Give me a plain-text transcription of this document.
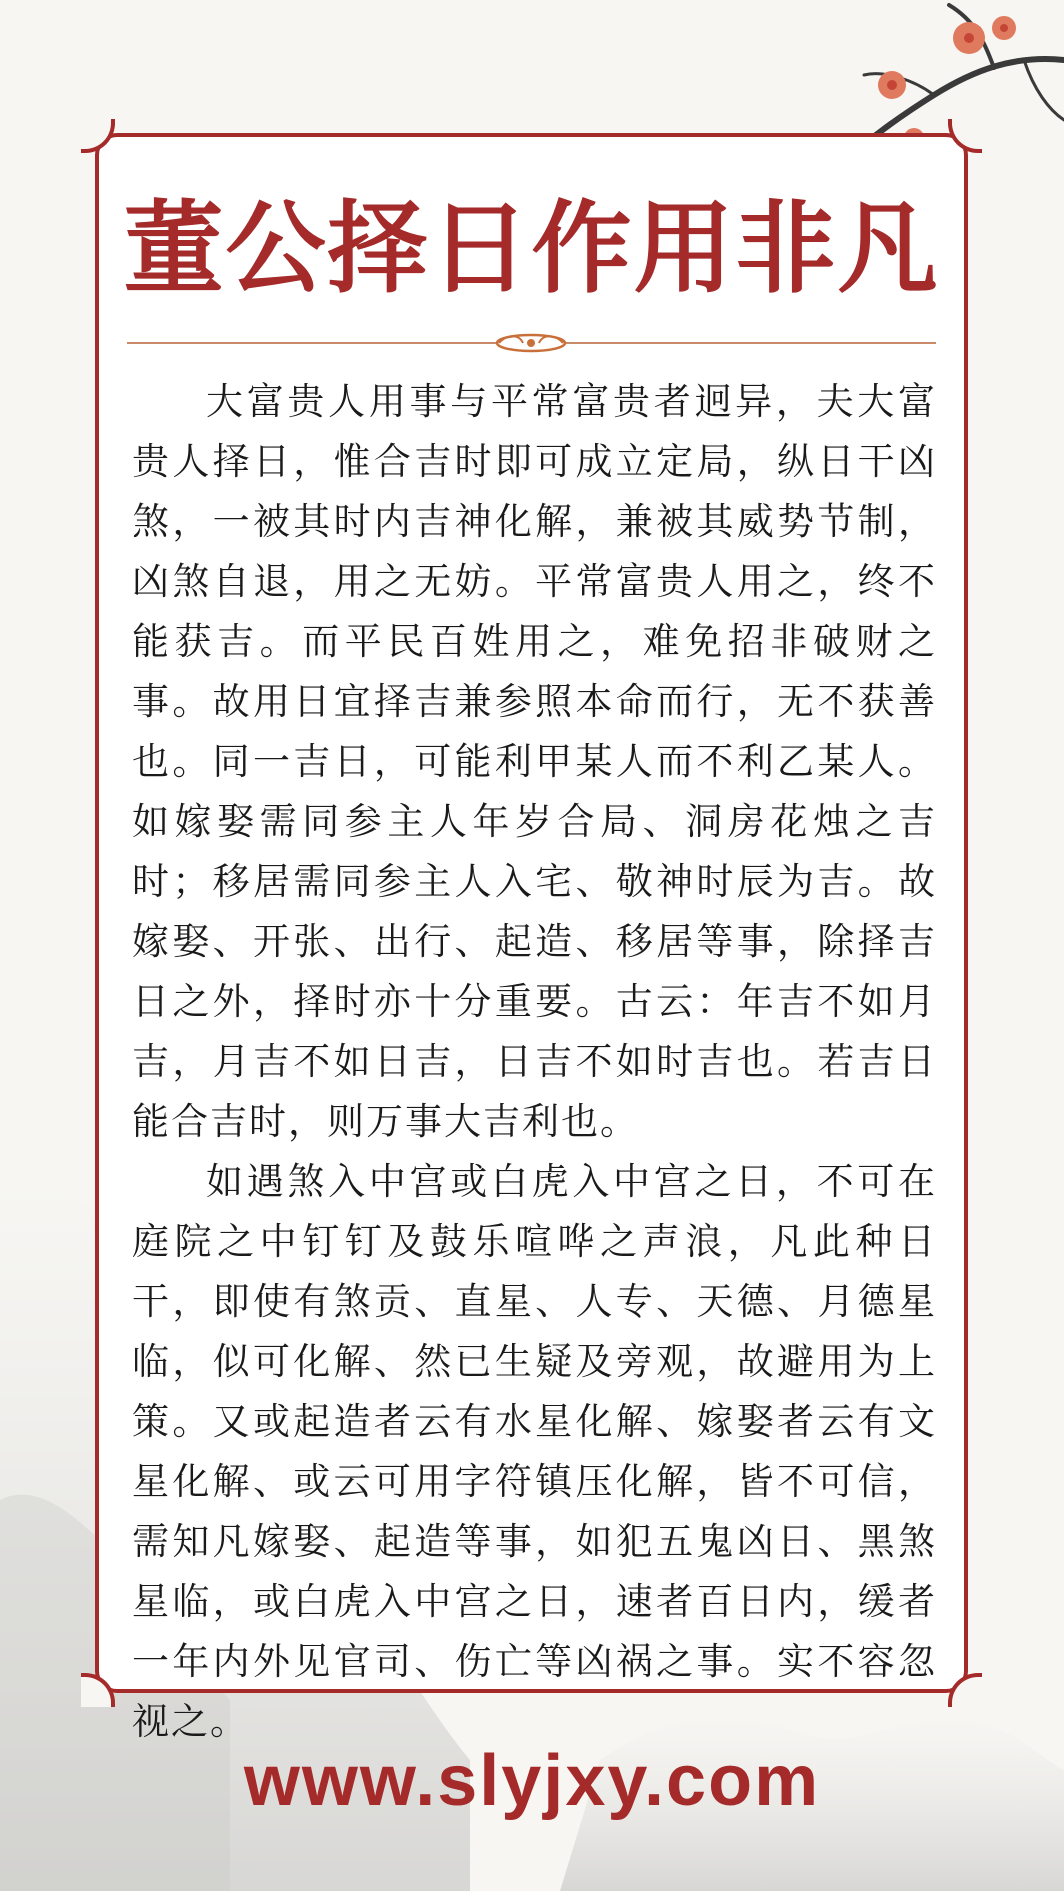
董公择日作用非凡

大富贵人用事与平常富贵者迥异，夫大富贵人择日，惟合吉时即可成立定局，纵日干凶煞，一被其时内吉神化解，兼被其威势节制，凶煞自退，用之无妨。平常富贵人用之，终不能获吉。而平民百姓用之，难免招非破财之事。故用日宜择吉兼参照本命而行，无不获善也。同一吉日，可能利甲某人而不利乙某人。如嫁娶需同参主人年岁合局、洞房花烛之吉时；移居需同参主人入宅、敬神时辰为吉。故嫁娶、开张、出行、起造、移居等事，除择吉日之外，择时亦十分重要。古云：年吉不如月吉，月吉不如日吉，日吉不如时吉也。若吉日能合吉时，则万事大吉利也。

如遇煞入中宫或白虎入中宫之日，不可在庭院之中钉钉及鼓乐喧哗之声浪，凡此种日干，即使有煞贡、直星、人专、天德、月德星临，似可化解、然已生疑及旁观，故避用为上策。又或起造者云有水星化解、嫁娶者云有文星化解、或云可用字符镇压化解，皆不可信，需知凡嫁娶、起造等事，如犯五鬼凶日、黑煞星临，或白虎入中宫之日，速者百日内，缓者一年内外见官司、伤亡等凶祸之事。实不容忽视之。

www.slyjxy.com
